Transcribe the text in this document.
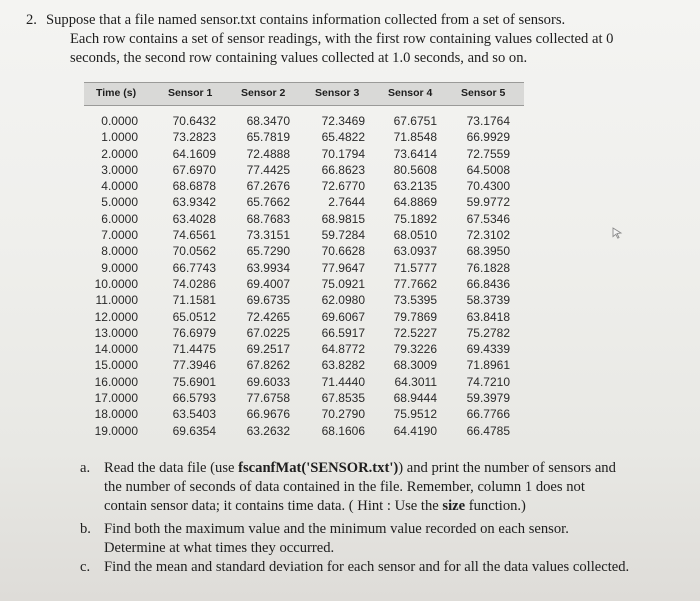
2. Suppose that a file named sensor.txt contains information collected from a set of sensors.
Each row contains a set of sensor readings, with the first row containing values collected at 0
seconds, the second row containing values collected at 1.0 seconds, and so on.
Time (s)	Sensor 1	Sensor 2	Sensor 3	Sensor 4	Sensor 5
0.0000	70.6432	68.3470	72.3469	67.6751	73.1764
1.0000	73.2823	65.7819	65.4822	71.8548	66.9929
2.0000	64.1609	72.4888	70.1794	73.6414	72.7559
3.0000	67.6970	77.4425	66.8623	80.5608	64.5008
4.0000	68.6878	67.2676	72.6770	63.2135	70.4300
5.0000	63.9342	65.7662	2.7644	64.8869	59.9772
6.0000	63.4028	68.7683	68.9815	75.1892	67.5346
7.0000	74.6561	73.3151	59.7284	68.0510	72.3102
8.0000	70.0562	65.7290	70.6628	63.0937	68.3950
9.0000	66.7743	63.9934	77.9647	71.5777	76.1828
10.0000	74.0286	69.4007	75.0921	77.7662	66.8436
11.0000	71.1581	69.6735	62.0980	73.5395	58.3739
12.0000	65.0512	72.4265	69.6067	79.7869	63.8418
13.0000	76.6979	67.0225	66.5917	72.5227	75.2782
14.0000	71.4475	69.2517	64.8772	79.3226	69.4339
15.0000	77.3946	67.8262	63.8282	68.3009	71.8961
16.0000	75.6901	69.6033	71.4440	64.3011	74.7210
17.0000	66.5793	77.6758	67.8535	68.9444	59.3979
18.0000	63.5403	66.9676	70.2790	75.9512	66.7766
19.0000	69.6354	63.2632	68.1606	64.4190	66.4785
a. Read the data file (use fscanfMat('SENSOR.txt')) and print the number of sensors and
the number of seconds of data contained in the file. Remember, column 1 does not
contain sensor data; it contains time data. ( Hint : Use the size function.)
b. Find both the maximum value and the minimum value recorded on each sensor.
Determine at what times they occurred.
c. Find the mean and standard deviation for each sensor and for all the data values collected.
